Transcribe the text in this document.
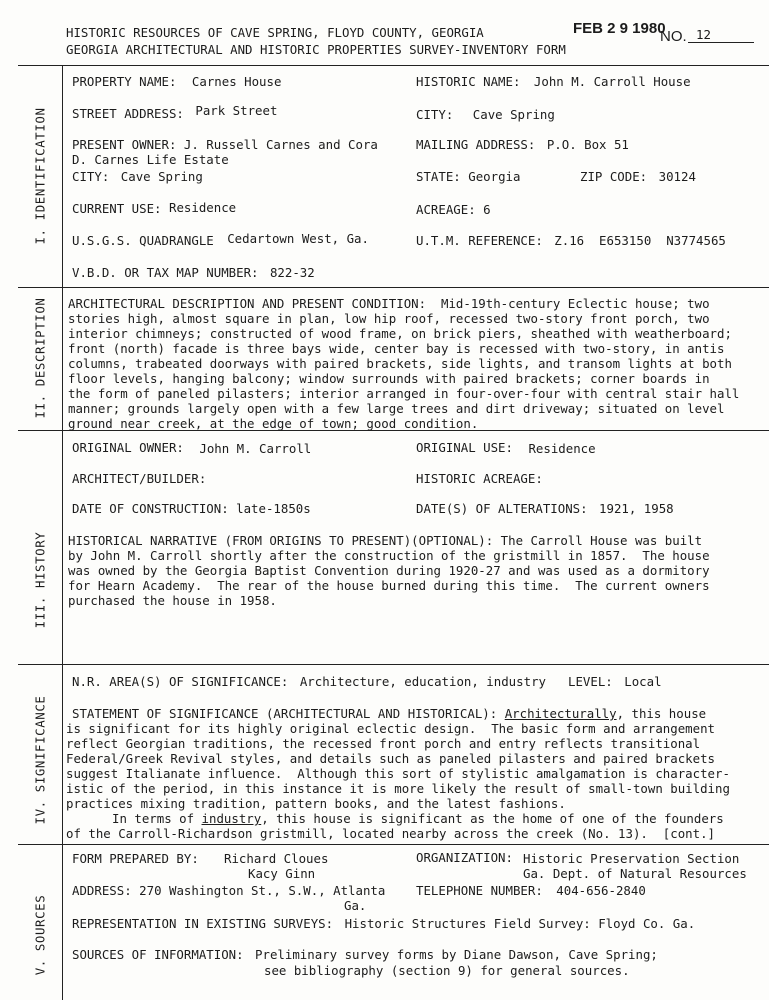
HISTORIC RESOURCES OF CAVE SPRING, FLOYD COUNTY, GEORGIA
GEORGIA ARCHITECTURAL AND HISTORIC PROPERTIES SURVEY-INVENTORY FORM
FEB 2 9 1980
NO. 12
I. IDENTIFICATION
II. DESCRIPTION
III. HISTORY
IV. SIGNIFICANCE
V. SOURCES
PROPERTY NAME: Carnes House	HISTORIC NAME: John M. Carroll House
STREET ADDRESS: Park Street	CITY: Cave Spring
PRESENT OWNER: J. Russell Carnes and Cora
D. Carnes Life Estate
MAILING ADDRESS: P.O. Box 51
CITY: Cave Spring	STATE: Georgia	ZIP CODE: 30124
CURRENT USE: Residence	ACREAGE: 6
U.S.G.S. QUADRANGLE Cedartown West, Ga.	U.T.M. REFERENCE: Z.16  E653150  N3774565
V.B.D. OR TAX MAP NUMBER: 822-32
ARCHITECTURAL DESCRIPTION AND PRESENT CONDITION:  Mid-19th-century Eclectic house; two
stories high, almost square in plan, low hip roof, recessed two-story front porch, two
interior chimneys; constructed of wood frame, on brick piers, sheathed with weatherboard;
front (north) facade is three bays wide, center bay is recessed with two-story, in antis
columns, trabeated doorways with paired brackets, side lights, and transom lights at both
floor levels, hanging balcony; window surrounds with paired brackets; corner boards in
the form of paneled pilasters; interior arranged in four-over-four with central stair hall
manner; grounds largely open with a few large trees and dirt driveway; situated on level
ground near creek, at the edge of town; good condition.
ORIGINAL OWNER: John M. Carroll	ORIGINAL USE: Residence
ARCHITECT/BUILDER:	HISTORIC ACREAGE:
DATE OF CONSTRUCTION: late-1850s	DATE(S) OF ALTERATIONS: 1921, 1958
HISTORICAL NARRATIVE (FROM ORIGINS TO PRESENT)(OPTIONAL): The Carroll House was built
by John M. Carroll shortly after the construction of the gristmill in 1857.  The house
was owned by the Georgia Baptist Convention during 1920-27 and was used as a dormitory
for Hearn Academy.  The rear of the house burned during this time.  The current owners
purchased the house in 1958.
N.R. AREA(S) OF SIGNIFICANCE: Architecture, education, industry LEVEL: Local
STATEMENT OF SIGNIFICANCE (ARCHITECTURAL AND HISTORICAL): Architecturally, this house
is significant for its highly original eclectic design.  The basic form and arrangement
reflect Georgian traditions, the recessed front porch and entry reflects transitional
Federal/Greek Revival styles, and details such as paneled pilasters and paired brackets
suggest Italianate influence.  Although this sort of stylistic amalgamation is character-
istic of the period, in this instance it is more likely the result of small-town building
practices mixing tradition, pattern books, and the latest fashions.
In terms of industry, this house is significant as the home of one of the founders
of the Carroll-Richardson gristmill, located nearby across the creek (No. 13).  [cont.]
FORM PREPARED BY: Richard Cloues
Kacy Ginn
ORGANIZATION: Historic Preservation Section
Ga. Dept. of Natural Resources
ADDRESS: 270 Washington St., S.W., Atlanta
Ga.
TELEPHONE NUMBER: 404-656-2840
REPRESENTATION IN EXISTING SURVEYS: Historic Structures Field Survey: Floyd Co. Ga.
SOURCES OF INFORMATION: Preliminary survey forms by Diane Dawson, Cave Spring;
see bibliography (section 9) for general sources.
